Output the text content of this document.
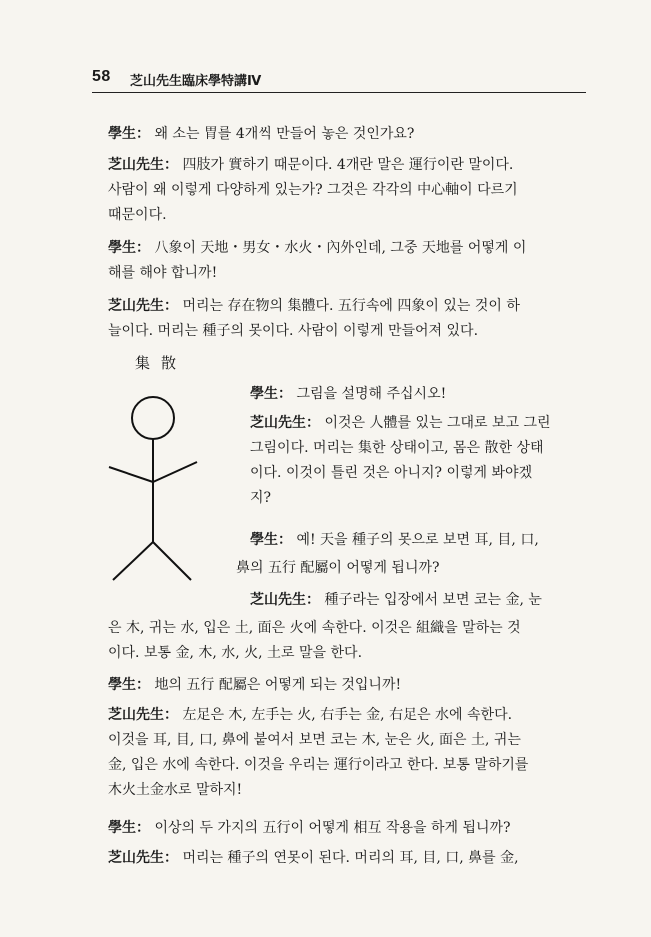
58 芝山先生臨床學特講Ⅳ
學生： 왜 소는 胃를 4개씩 만들어 놓은 것인가요?
芝山先生： 四肢가 實하기 때문이다. 4개란 말은 運行이란 말이다.
사람이 왜 이렇게 다양하게 있는가? 그것은 각각의 中心軸이 다르기
때문이다.
學生： 八象이 天地・男女・水火・內外인데, 그중 天地를 어떻게 이
해를 해야 합니까!
芝山先生： 머리는 存在物의 集體다. 五行속에 四象이 있는 것이 하
늘이다. 머리는 種子의 못이다. 사람이 이렇게 만들어져 있다.
集 散
學生： 그림을 설명해 주십시오!
芝山先生： 이것은 人體를 있는 그대로 보고 그린
그림이다. 머리는 集한 상태이고, 몸은 散한 상태
이다. 이것이 틀린 것은 아니지? 이렇게 봐야겠
지?
學生： 예! 天을 種子의 못으로 보면 耳, 目, 口,
鼻의 五行 配屬이 어떻게 됩니까?
芝山先生： 種子라는 입장에서 보면 코는 金, 눈
은 木, 귀는 水, 입은 土, 面은 火에 속한다. 이것은 組織을 말하는 것
이다. 보통 金, 木, 水, 火, 土로 말을 한다.
學生： 地의 五行 配屬은 어떻게 되는 것입니까!
芝山先生： 左足은 木, 左手는 火, 右手는 金, 右足은 水에 속한다.
이것을 耳, 目, 口, 鼻에 붙여서 보면 코는 木, 눈은 火, 面은 土, 귀는
金, 입은 水에 속한다. 이것을 우리는 運行이라고 한다. 보통 말하기를
木火土金水로 말하지!
學生： 이상의 두 가지의 五行이 어떻게 相互 작용을 하게 됩니까?
芝山先生： 머리는 種子의 연못이 된다. 머리의 耳, 目, 口, 鼻를 金,
